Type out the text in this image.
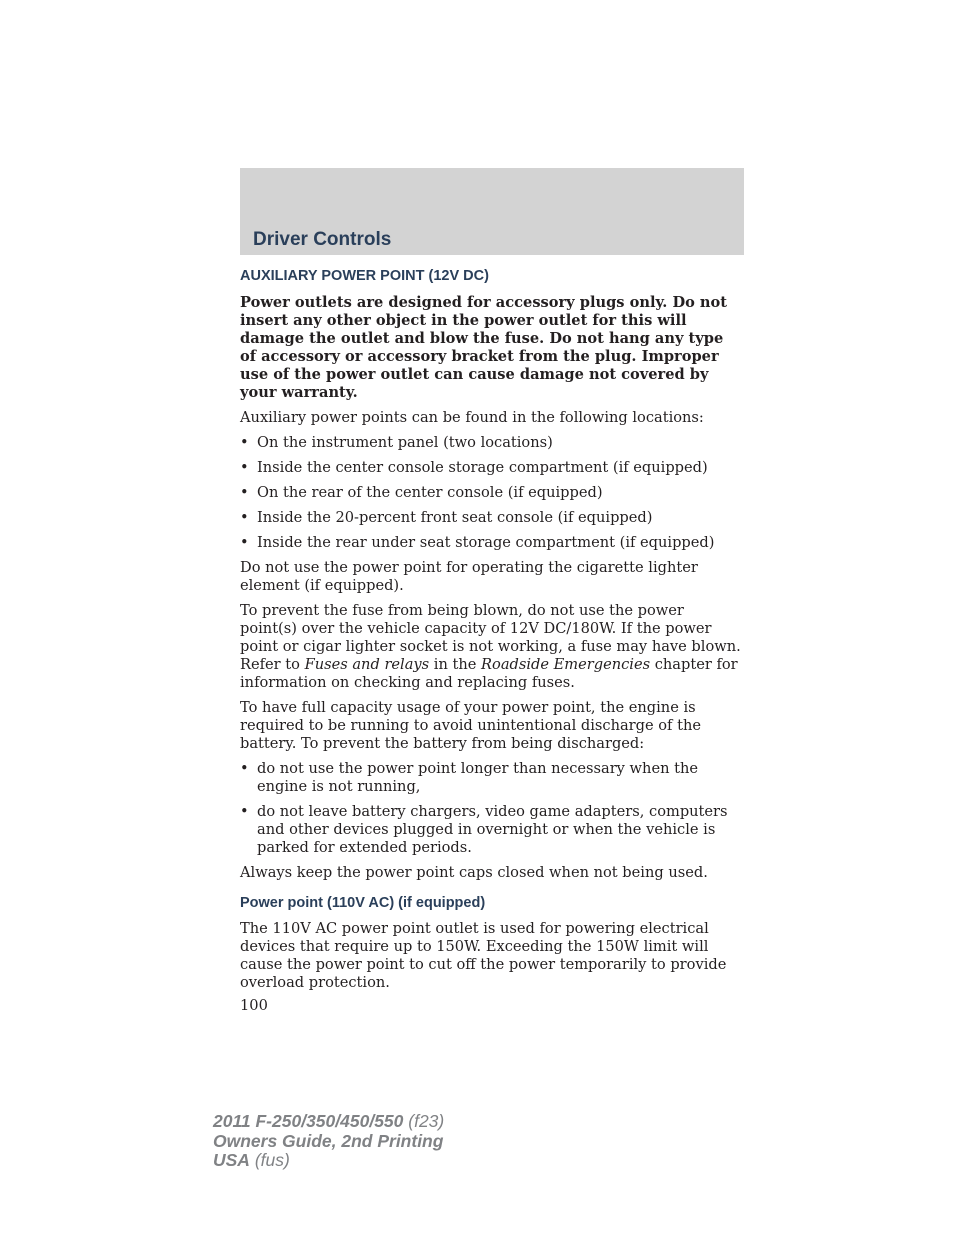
Driver Controls
AUXILIARY POWER POINT (12V DC)

Power outlets are designed for accessory plugs only. Do not insert any other object in the power outlet for this will damage the outlet and blow the fuse. Do not hang any type of accessory or accessory bracket from the plug. Improper use of the power outlet can cause damage not covered by your warranty.

Auxiliary power points can be found in the following locations:

• On the instrument panel (two locations)
• Inside the center console storage compartment (if equipped)
• On the rear of the center console (if equipped)
• Inside the 20-percent front seat console (if equipped)
• Inside the rear under seat storage compartment (if equipped)

Do not use the power point for operating the cigarette lighter element (if equipped).

To prevent the fuse from being blown, do not use the power point(s) over the vehicle capacity of 12V DC/180W. If the power point or cigar lighter socket is not working, a fuse may have blown. Refer to Fuses and relays in the Roadside Emergencies chapter for information on checking and replacing fuses.

To have full capacity usage of your power point, the engine is required to be running to avoid unintentional discharge of the battery. To prevent the battery from being discharged:

• do not use the power point longer than necessary when the engine is not running,
• do not leave battery chargers, video game adapters, computers and other devices plugged in overnight or when the vehicle is parked for extended periods.

Always keep the power point caps closed when not being used.

Power point (110V AC) (if equipped)

The 110V AC power point outlet is used for powering electrical devices that require up to 150W. Exceeding the 150W limit will cause the power point to cut off the power temporarily to provide overload protection.

100
2011 F-250/350/450/550 (f23)
Owners Guide, 2nd Printing
USA (fus)
